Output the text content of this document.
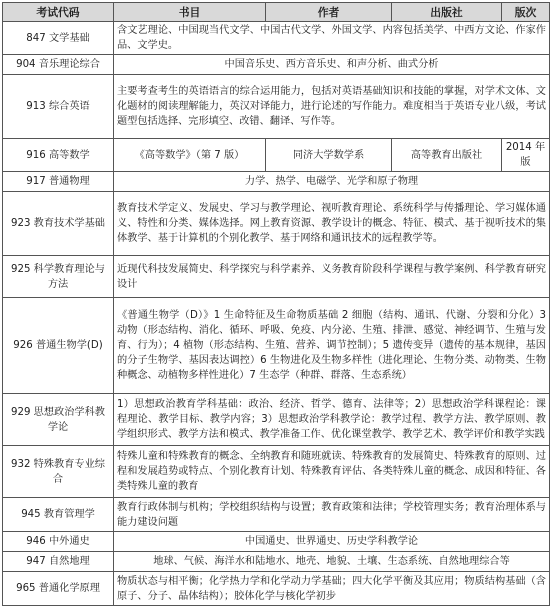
考试代码	书目	作者	出版社	版次
847 文学基础	含文艺理论、中国现当代文学、中国古代文学、外国文学、内容包括美学、中西方文论、作家作品、文学史。			
904 音乐理论综合	中国音乐史、西方音乐史、和声分析、曲式分析			
913 综合英语	主要考查考生的英语语言的综合运用能力，包括对英语基础知识和技能的掌握，对学术文体、文化题材的阅读理解能力，英汉对译能力，进行论述的写作能力。难度相当于英语专业八级，考试题型包括选择、完形填空、改错、翻译、写作等。			
916 高等数学	《高等数学》（第 7 版）	同济大学数学系	高等教育出版社	2014 年版
917 普通物理	力学、热学、电磁学、光学和原子物理			
923 教育技术学基础	教育技术学定义、发展史、学习与教学理论、视听教育理论、系统科学与传播理论、学习媒体通义、特性和分类、媒体选择。网上教育资源、教学设计的概念、特征、模式、基于视听技术的集体教学、基于计算机的个别化教学、基于网络和通讯技术的远程教学等。			
925 科学教育理论与方法	近现代科技发展简史、科学探究与科学素养、义务教育阶段科学课程与教学案例、科学教育研究设计			
926 普通生物学(D)	《普通生物学（D）》1 生命特征及生命物质基础 2 细胞（结构、通讯、代谢、分裂和分化）3 动物（形态结构、消化、循环、呼吸、免疫、内分泌、生殖、排泄、感觉、神经调节、生殖与发育、行为）；4 植物（形态结构、生殖、营养、调节控制）；5 遗传变异（遗传的基本规律，基因的分子生物学、基因表达调控）6 生物进化及生物多样性（进化理论、生物分类、动物类、生物种概念、动植物多样性进化）7 生态学（种群、群落、生态系统）			
929 思想政治学科教学论	1）思想政治教育学科基础：政治、经济、哲学、德育、法律等；2）思想政治学科课程论：课程理论、教学目标、教学内容；3）思想政治学科教学论：教学过程、教学方法、教学原则、教学组织形式、教学方法和模式、教学准备工作、优化课堂教学、教学艺术、教学评价和教学实践			
932 特殊教育专业综合	特殊儿童和特殊教育的概念、全纳教育和随班就读、特殊教育的发展简史、特殊教育的原则、过程和发展趋势或特点、个别化教育计划、特殊教育评估、各类特殊儿童的概念、成因和特征、各类特殊儿童的教育			
945 教育管理学	教育行政体制与机构；学校组织结构与设置；教育政策和法律；学校管理实务；教育治理体系与能力建设问题			
946 中外通史	中国通史、世界通史、历史学科教学论			
947 自然地理	地球、气候、海洋水和陆地水、地壳、地貌、土壤、生态系统、自然地理综合等			
965 普通化学原理	物质状态与相平衡；化学热力学和化学动力学基础；四大化学平衡及其应用；物质结构基础（含原子、分子、晶体结构）；胶体化学与核化学初步			
